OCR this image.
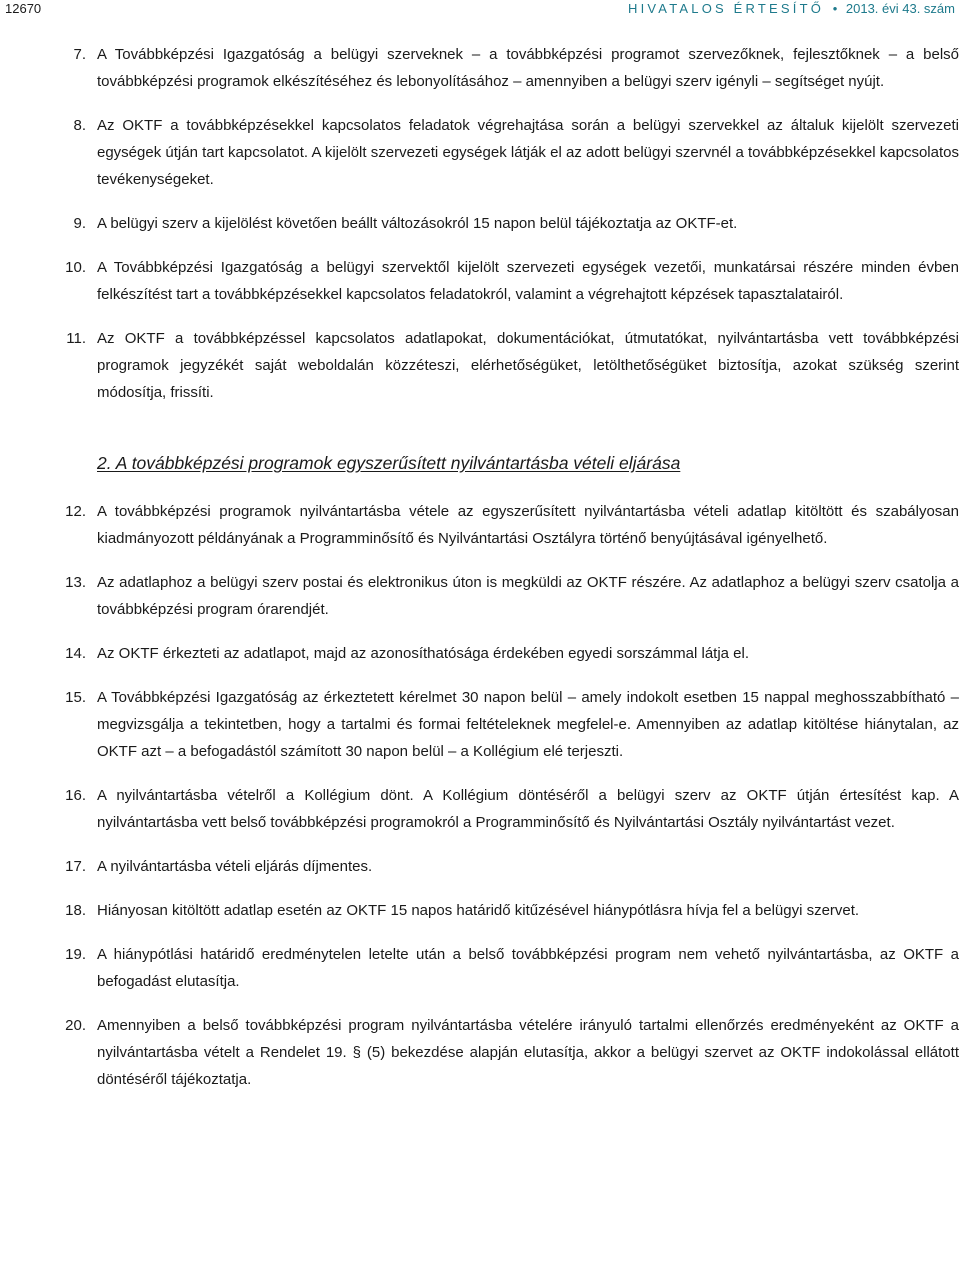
12670	HIVATALOS ÉRTESÍTŐ • 2013. évi 43. szám
7. A Továbbképzési Igazgatóság a belügyi szerveknek – a továbbképzési programot szervezőknek, fejlesztőknek – a belső továbbképzési programok elkészítéséhez és lebonyolításához – amennyiben a belügyi szerv igényli – segítséget nyújt.
8. Az OKTF a továbbképzésekkel kapcsolatos feladatok végrehajtása során a belügyi szervekkel az általuk kijelölt szervezeti egységek útján tart kapcsolatot. A kijelölt szervezeti egységek látják el az adott belügyi szervnél a továbbképzésekkel kapcsolatos tevékenységeket.
9. A belügyi szerv a kijelölést követően beállt változásokról 15 napon belül tájékoztatja az OKTF-et.
10. A Továbbképzési Igazgatóság a belügyi szervektől kijelölt szervezeti egységek vezetői, munkatársai részére minden évben felkészítést tart a továbbképzésekkel kapcsolatos feladatokról, valamint a végrehajtott képzések tapasztalatairól.
11. Az OKTF a továbbképzéssel kapcsolatos adatlapokat, dokumentációkat, útmutatókat, nyilvántartásba vett továbbképzési programok jegyzékét saját weboldalán közzéteszi, elérhetőségüket, letölthetőségüket biztosítja, azokat szükség szerint módosítja, frissíti.
2. A továbbképzési programok egyszerűsített nyilvántartásba vételi eljárása
12. A továbbképzési programok nyilvántartásba vétele az egyszerűsített nyilvántartásba vételi adatlap kitöltött és szabályosan kiadmányozott példányának a Programminősítő és Nyilvántartási Osztályra történő benyújtásával igényelhető.
13. Az adatlaphoz a belügyi szerv postai és elektronikus úton is megküldi az OKTF részére. Az adatlaphoz a belügyi szerv csatolja a továbbképzési program órarendjét.
14. Az OKTF érkezteti az adatlapot, majd az azonosíthatósága érdekében egyedi sorszámmal látja el.
15. A Továbbképzési Igazgatóság az érkeztetett kérelmet 30 napon belül – amely indokolt esetben 15 nappal meghosszabbítható – megvizsgálja a tekintetben, hogy a tartalmi és formai feltételeknek megfelel-e. Amennyiben az adatlap kitöltése hiánytalan, az OKTF azt – a befogadástól számított 30 napon belül – a Kollégium elé terjeszti.
16. A nyilvántartásba vételről a Kollégium dönt. A Kollégium döntéséről a belügyi szerv az OKTF útján értesítést kap. A nyilvántartásba vett belső továbbképzési programokról a Programminősítő és Nyilvántartási Osztály nyilvántartást vezet.
17. A nyilvántartásba vételi eljárás díjmentes.
18. Hiányosan kitöltött adatlap esetén az OKTF 15 napos határidő kitűzésével hiánypótlásra hívja fel a belügyi szervet.
19. A hiánypótlási határidő eredménytelen letelte után a belső továbbképzési program nem vehető nyilvántartásba, az OKTF a befogadást elutasítja.
20. Amennyiben a belső továbbképzési program nyilvántartásba vételére irányuló tartalmi ellenőrzés eredményeként az OKTF a nyilvántartásba vételt a Rendelet 19. § (5) bekezdése alapján elutasítja, akkor a belügyi szervet az OKTF indokolással ellátott döntéséről tájékoztatja.
